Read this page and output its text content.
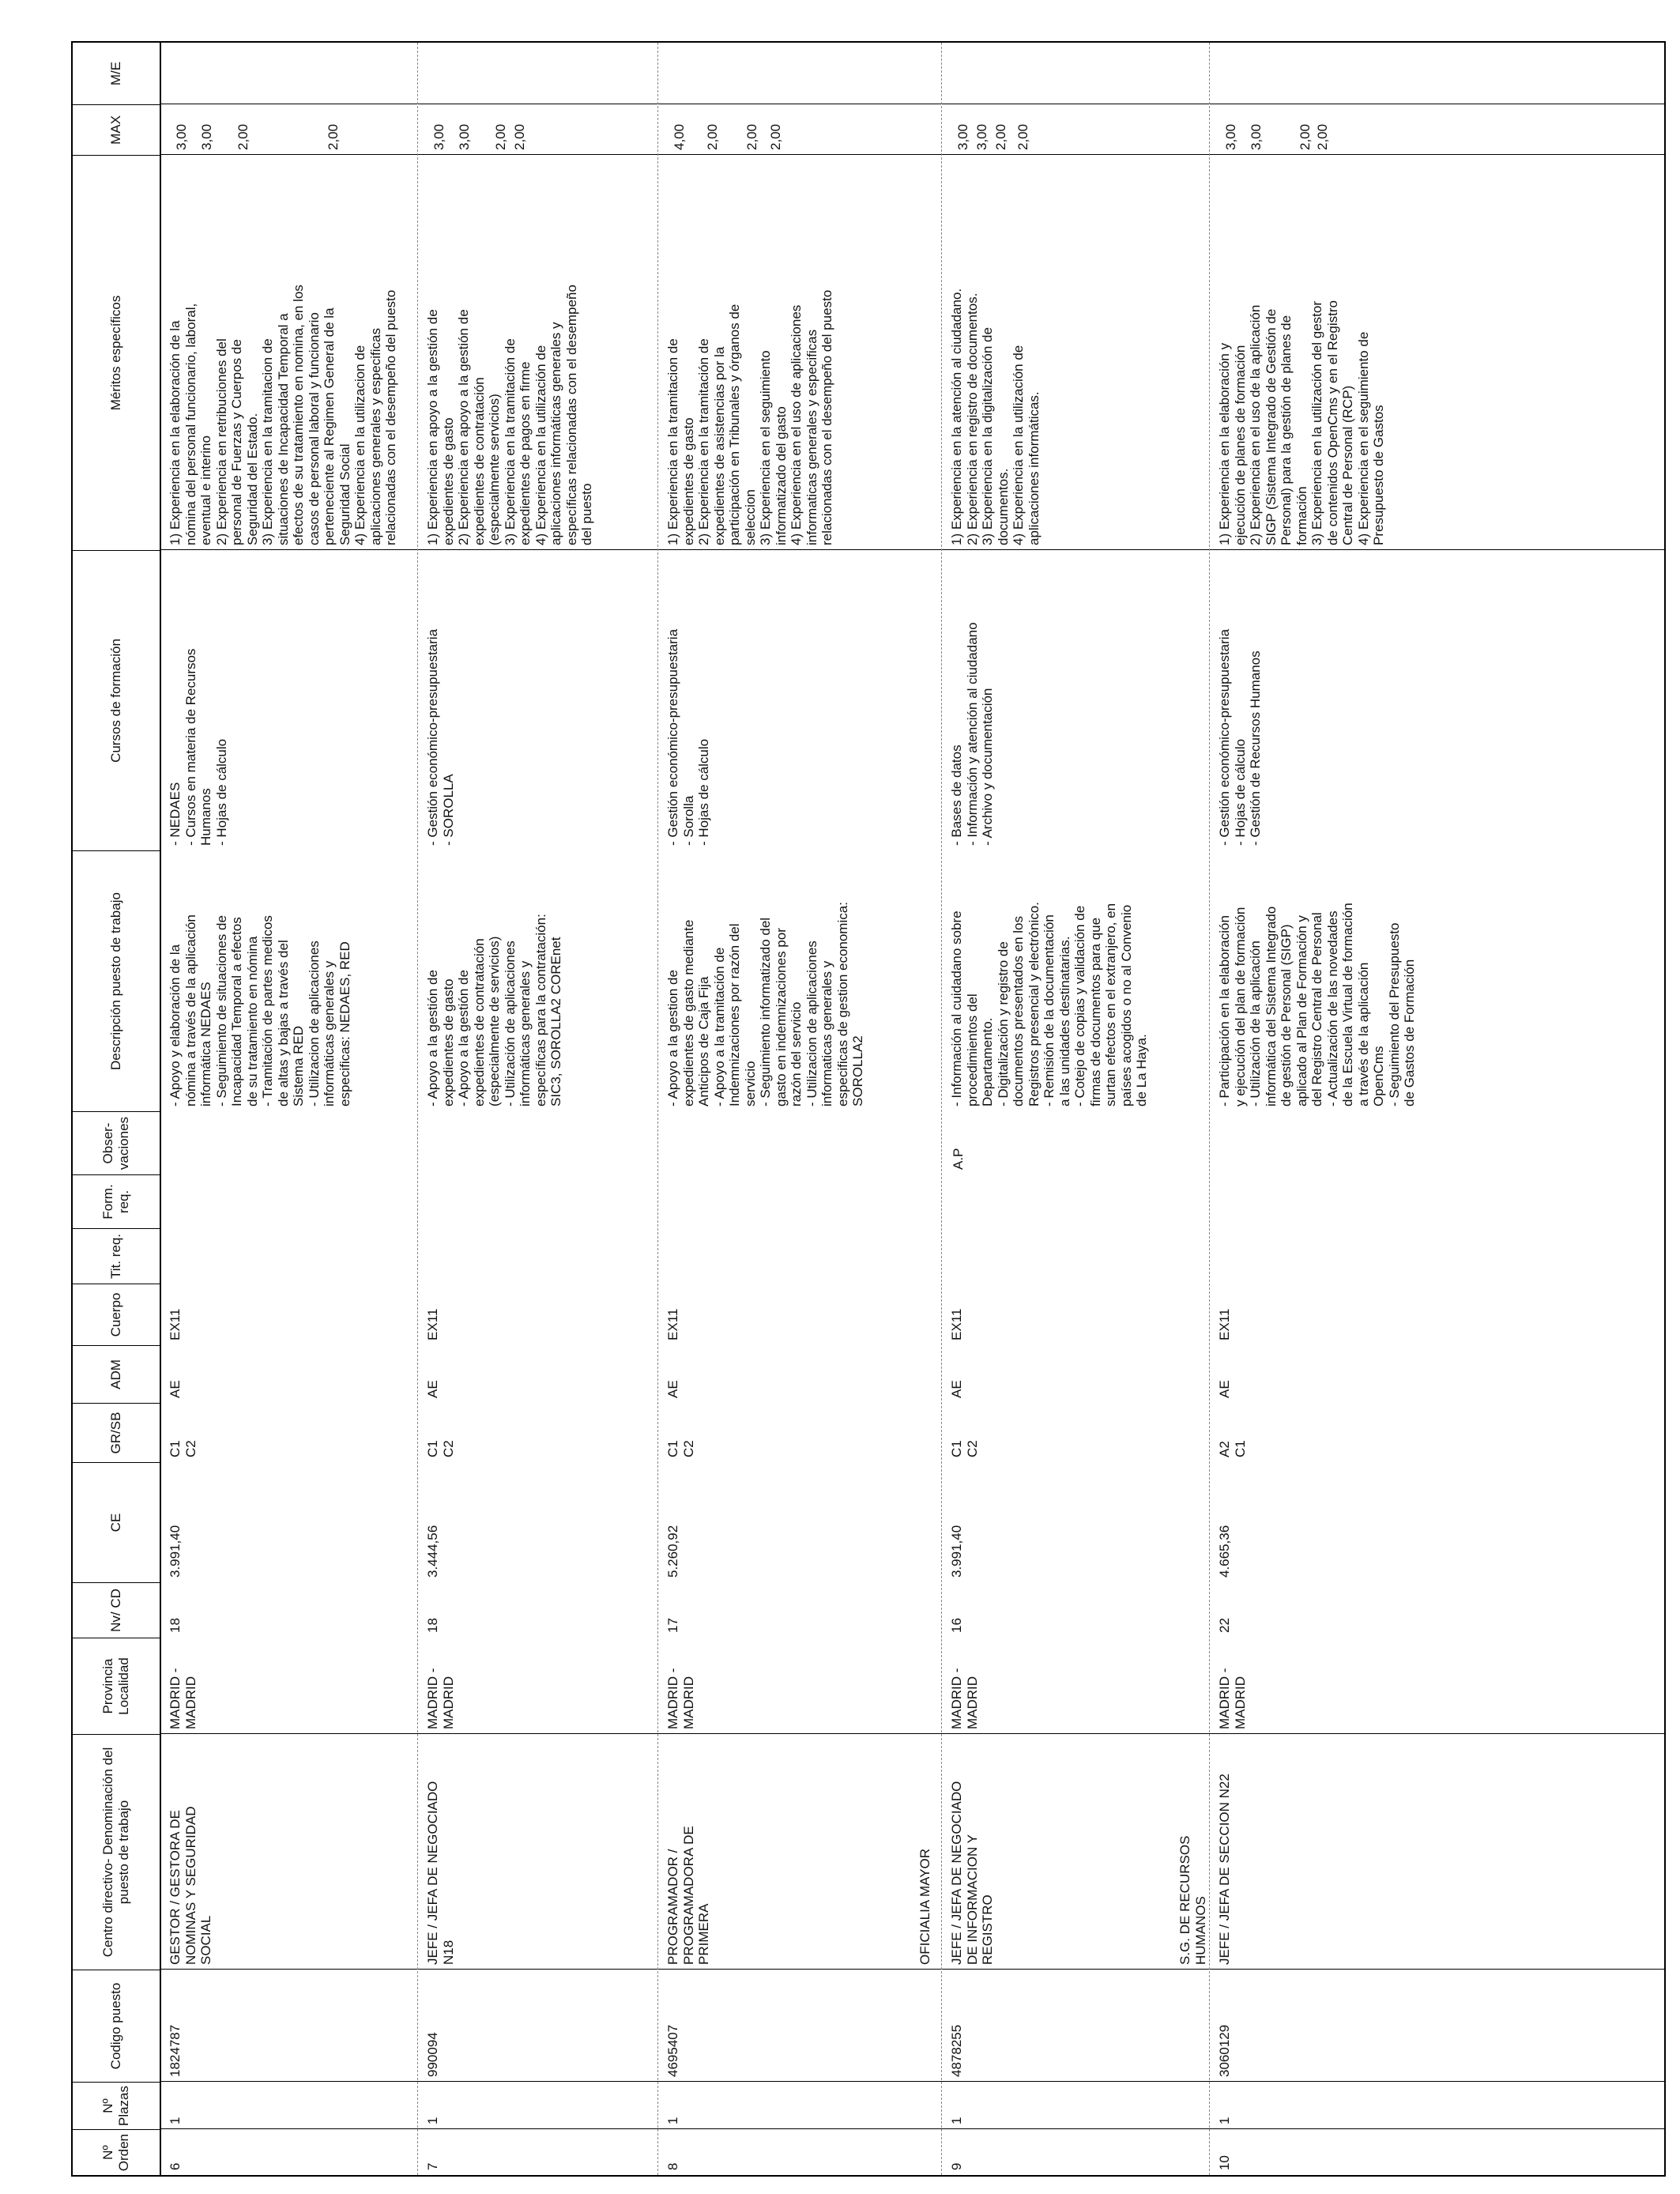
Nº Orden
Nº Plazas
Codigo puesto
Centro directivo- Denominación del puesto de trabajo
Provincia Localidad
Nv/ CD
CE
GR/SB
ADM
Cuerpo
Tit. req.
Form. req.
Obser- vaciones
Descripción puesto de trabajo
Cursos de formación
Méritos específicos
MAX
M/E
6
1
1824787
MADRID -
MADRID
18
3.991,40
C1
C2
AE
EX11
- Apoyo y elaboración de la
nómina a través de la aplicación
informática NEDAES
- Seguimiento de situaciones de
Incapacidad Temporal a efectos
de su tratamiento en nómina
- Tramitación de partes medicos
de altas y bajas a través del
Sistema RED
- Utilizacion de aplicaciones
informáticas generales y
especificas: NEDAES, RED
- NEDAES
- Cursos en materia de Recursos
Humanos
- Hojas de cálculo
1) Experiencia en la elaboración de la
nómina del personal funcionario, laboral,
eventual e interino
2) Experiencia en retribuciones del
personal de Fuerzas y Cuerpos de
Seguridad del Estado.
3) Experiencia en la tramitacion de
situaciones de Incapacidad Temporal a
efectos de su tratamiento en nomina, en los
casos de personal laboral y funcionario
perteneciente al Regimen General de la
Seguridad Social
4) Experiencia en la utilizacion de
aplicaciones generales y especificas
relacionadas con el desempeño del puesto
GESTOR / GESTORA DE
NOMINAS Y SEGURIDAD
SOCIAL
3,00 3,00 2,00	2,00
7
1
990094
MADRID -
MADRID
18
3.444,56
C1
C2
AE
EX11
- Apoyo a la gestión de
expedientes de gasto
- Apoyo a la gestión de
expedientes de contratación
(especialmente de servicios)
- Utilización de aplicaciones
informáticas generales y
específicas para la contratación:
SIC3, SOROLLA2 COREnet
- Gestión económico-presupuestaria
- SOROLLA
1) Experiencia en apoyo a la gestión de
expedientes de gasto
2) Experiencia en apoyo a la gestión de
expedientes de contratación
(especialmente servicios)
3) Experiencia en la tramitación de
expedientes de pagos en firme
4) Experiencia en la utilización de
aplicaciones informáticas generales y
específicas relacionadas con el desempeño
del puesto
JEFE / JEFA DE NEGOCIADO
N18
3,00 3,00 2,00 2,00
8
1
4695407
MADRID -
MADRID
17
5.260,92
C1
C2
AE
EX11
- Apoyo a la gestion de
expedientes de gasto mediante
Anticipos de Caja Fija
- Apoyo a la tramitación de
Indemnizaciones por razón del
servicio
- Seguimiento informatizado del
gasto en indemnizaciones por
razón del servicio
- Utilizacion de aplicaciones
informaticas generales y
especificas de gestion economica:
SOROLLA2
- Gestión económico-presupuestaria
- Sorolla
- Hojas de cálculo
1) Experiencia en la tramitacion de
expedientes de gasto
2) Experiencia en la tramitación de
expedientes de asistencias por la
participación en Tribunales y órganos de
seleccion
3) Experiencia en el seguimiento
informatizado del gasto
4) Experiencia en el uso de aplicaciones
informaticas generales y especificas
relacionadas con el desempeño del puesto
PROGRAMADOR /
PROGRAMADORA DE
PRIMERA
4,00 2,00 2,00 2,00
9
1
4878255
MADRID -
MADRID
16
3.991,40
C1
C2
AE
EX11
A.P
- Información al cuidadano sobre
procedimientos del
Departamento.
- Digitalización y registro de
documentos presentados en los
Registros presencial y electrónico.
- Remisión de la documentación
a las unidades destinatarias.
- Cotejo de copias y validación de
firmas de documentos para que
surtan efectos en el extranjero, en
países acogidos o no al Convenio
de La Haya.
- Bases de datos
- Información y atención al ciudadano
- Archivo y documentación
1) Experiencia en la atención al ciudadano.
2) Experiencia en registro de documentos.
3) Experiencia en la digitalización de
documentos.
4) Experiencia en la utilización de
aplicaciones informáticas.
OFICIALIA MAYOR JEFE / JEFA DE NEGOCIADO
DE INFORMACION Y
REGISTRO
3,00 3,00 2,00 2,00
10
1
3060129
MADRID -
MADRID
22
4.665,36
A2
C1
AE
EX11
- Participación en la elaboración
y ejecución del plan de formación
- Utilización de la aplicación
informática del Sistema Integrado
de gestión de Personal (SIGP)
aplicado al Plan de Formación y
del Registro Central de Personal
- Actualización de las novedades
de la Escuela Virtual de formación
a través de la aplicación
OpenCms
- Seguimiento del Presupuesto
de Gastos de Formación
- Gestión económico-presupuestaria
- Hojas de cálculo
- Gestión de Recursos Humanos
1) Experiencia en la elaboración y
ejecución de planes de formación
2) Experiencia en el uso de la aplicación
SIGP (Sistema Integrado de Gestión de
Personal) para la gestión de planes de
formación
3) Experiencia en la utilización del gestor
de contenidos OpenCms y en el Registro
Central de Personal (RCP)
4) Experiencia en el seguimiento de
Presupuesto de Gastos
S.G. DE RECURSOS
HUMANOS JEFE / JEFA DE SECCION N22
3,00 3,00	2,00 2,00
